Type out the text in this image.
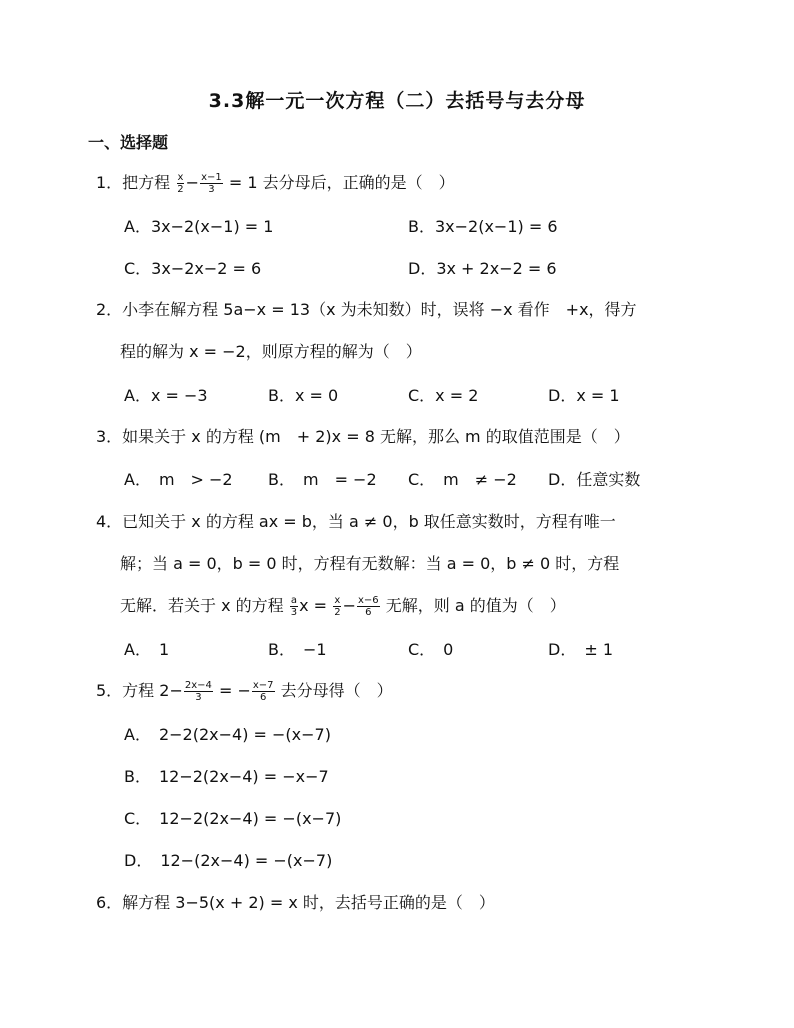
3.3解一元一次方程（二）去括号与去分母
一、选择题
1．把方程 $\frac{x}{2} - \frac{x-1}{3} = 1$ 去分母后，正确的是（　）
A．3x−2(x−1) = 1	B．3x−2(x−1) = 6
C．3x−2x−2 = 6	D．3x + 2x−2 = 6
2．小李在解方程 5a−x = 13（x 为未知数）时，误将 −x 看作　+x，得方
程的解为 x = −2，则原方程的解为（　）
A．x = −3	B．x = 0	C．x = 2	D．x = 1
3．如果关于 x 的方程 (m　+ 2)x = 8 无解，那么 m 的取值范围是（　）
A．　m　> −2 B．　m　= −2 C．　m　≠ −2 D．任意实数
4．已知关于 x 的方程 ax = b，当 a ≠ 0，b 取任意实数时，方程有唯一
解；当 a = 0，b = 0 时，方程有无数解：当 a = 0，b ≠ 0 时，方程
无解．若关于 x 的方程 $\frac{a}{3}$ $x = \frac{x}{2} - \frac{x-6}{6}$ 无解，则 a 的值为（　）
A．　1	B．　−1	C．　0	D．　± 1
5．方程 $2- \frac{2x-4}{3}$ = − $\frac{x-7}{6}$ 去分母得（　）
A．　2−2(2x−4) = −(x−7)
B．　12−2(2x−4) = −x−7
C．　12−2(2x−4) = −(x−7)
D．　12−(2x−4) = −(x−7)
6．解方程 3−5(x + 2) = x 时，去括号正确的是（　）
